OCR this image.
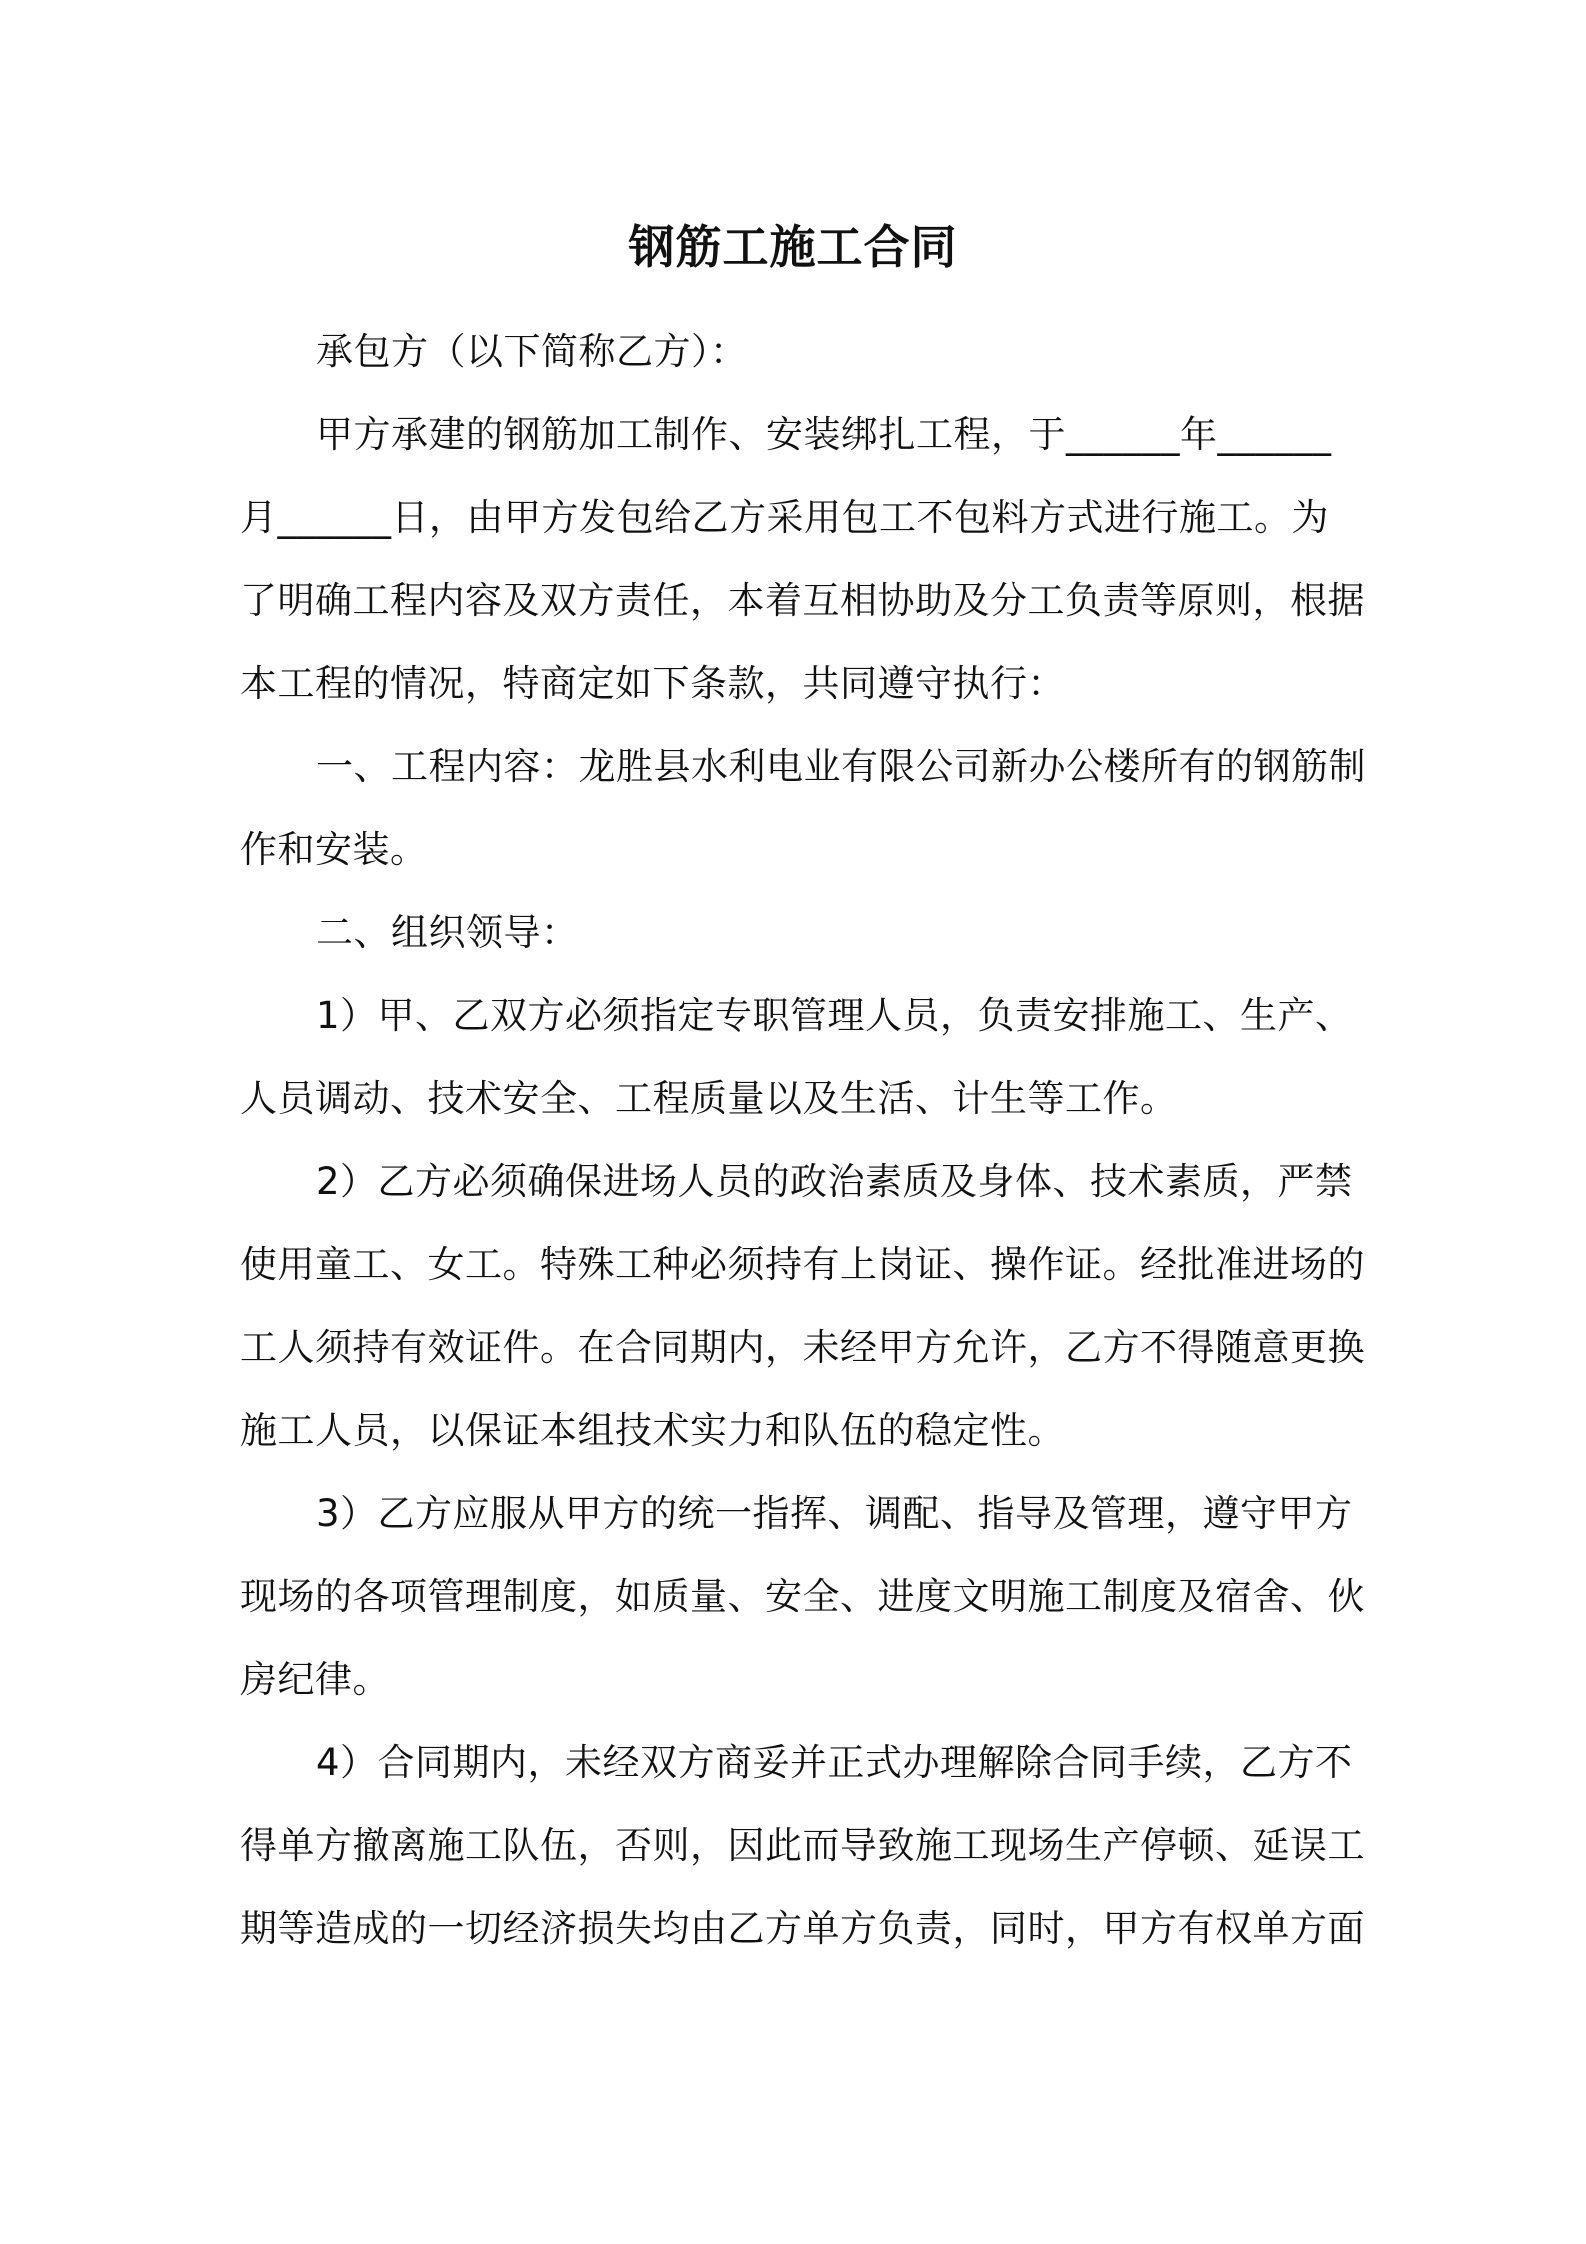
钢筋工施工合同
承包方（以下简称乙方）：
甲方承建的钢筋加工制作、安装绑扎工程，于______年______
月______日，由甲方发包给乙方采用包工不包料方式进行施工。为
了明确工程内容及双方责任，本着互相协助及分工负责等原则，根据
本工程的情况，特商定如下条款，共同遵守执行：
一、工程内容：龙胜县水利电业有限公司新办公楼所有的钢筋制
作和安装。
二、组织领导：
1）甲、乙双方必须指定专职管理人员，负责安排施工、生产、
人员调动、技术安全、工程质量以及生活、计生等工作。
2）乙方必须确保进场人员的政治素质及身体、技术素质，严禁
使用童工、女工。特殊工种必须持有上岗证、操作证。经批准进场的
工人须持有效证件。在合同期内，未经甲方允许，乙方不得随意更换
施工人员，以保证本组技术实力和队伍的稳定性。
3）乙方应服从甲方的统一指挥、调配、指导及管理，遵守甲方
现场的各项管理制度，如质量、安全、进度文明施工制度及宿舍、伙
房纪律。
4）合同期内，未经双方商妥并正式办理解除合同手续，乙方不
得单方撤离施工队伍，否则，因此而导致施工现场生产停顿、延误工
期等造成的一切经济损失均由乙方单方负责，同时，甲方有权单方面
